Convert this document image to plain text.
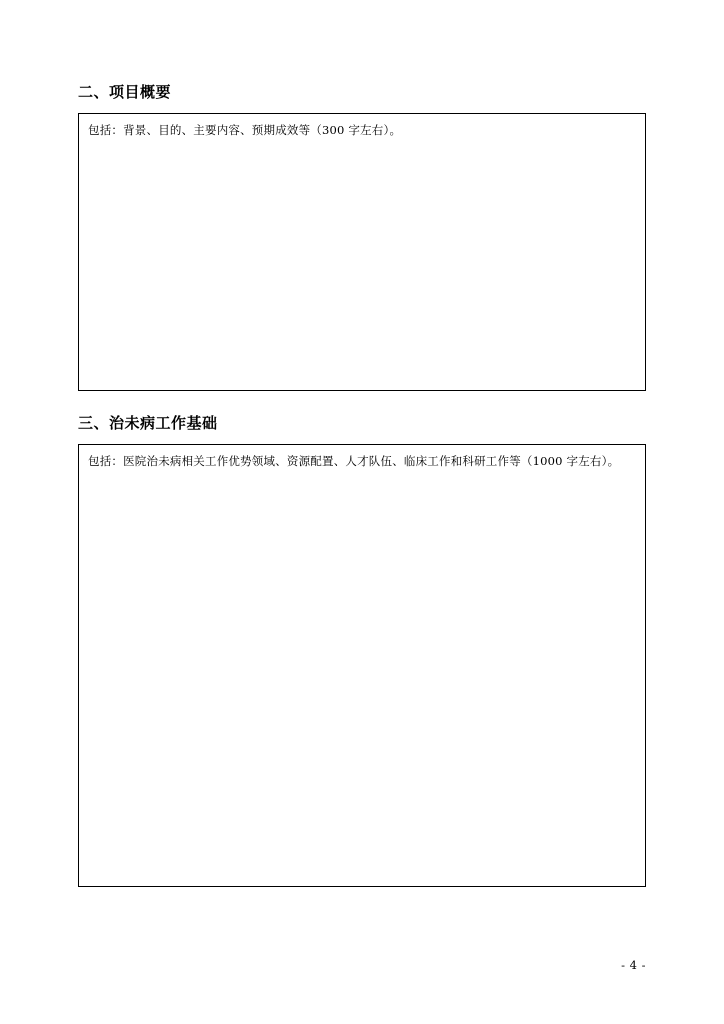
二、项目概要
包括：背景、目的、主要内容、预期成效等（300 字左右）。
三、治未病工作基础
包括：医院治未病相关工作优势领域、资源配置、人才队伍、临床工作和科研工作等（1000 字左右）。
- 4 -
